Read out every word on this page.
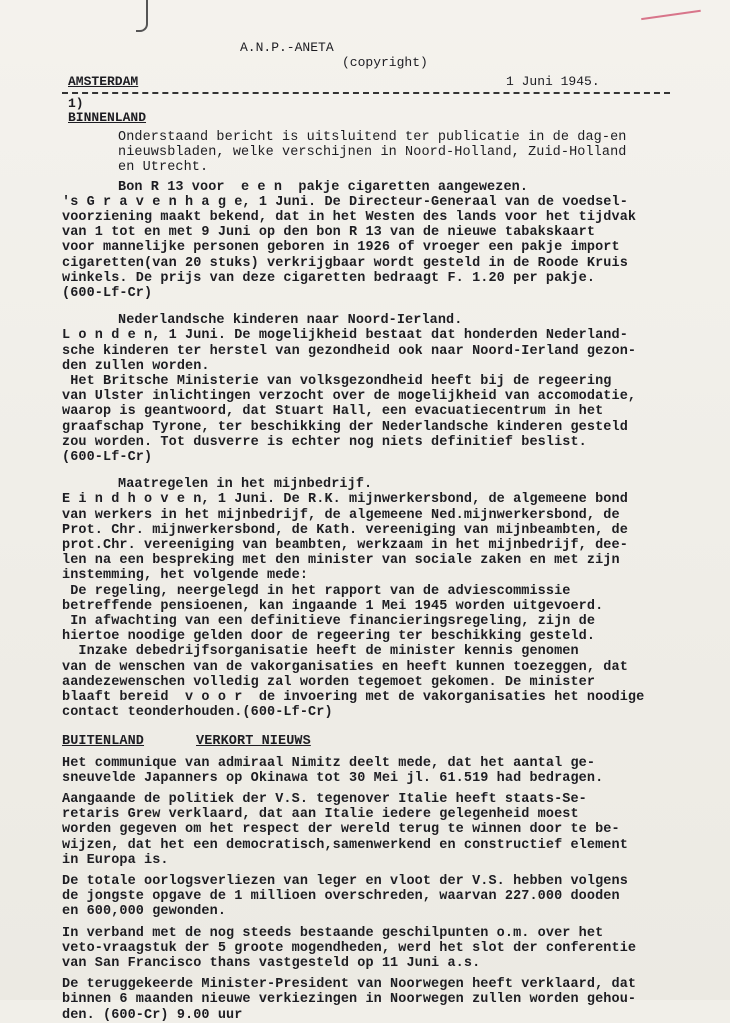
A.N.P.-ANETA
(copyright)
AMSTERDAM	1 Juni 1945.
1)
BINNENLAND
Onderstaand bericht is uitsluitend ter publicatie in de dag-en
nieuwsbladen, welke verschijnen in Noord-Holland, Zuid-Holland
en Utrecht.
Bon R 13 voor  e e n  pakje cigaretten aangewezen.
's G r a v e n h a g e, 1 Juni. De Directeur-Generaal van de voedsel-
voorziening maakt bekend, dat in het Westen des lands voor het tijdvak
van 1 tot en met 9 Juni op den bon R 13 van de nieuwe tabakskaart
voor mannelijke personen geboren in 1926 of vroeger een pakje import
cigaretten(van 20 stuks) verkrijgbaar wordt gesteld in de Roode Kruis
winkels. De prijs van deze cigaretten bedraagt F. 1.20 per pakje.
(600-Lf-Cr)
Nederlandsche kinderen naar Noord-Ierland.
L o n d e n, 1 Juni. De mogelijkheid bestaat dat honderden Nederland-
sche kinderen ter herstel van gezondheid ook naar Noord-Ierland gezon-
den zullen worden.
Het Britsche Ministerie van volksgezondheid heeft bij de regeering
van Ulster inlichtingen verzocht over de mogelijkheid van accomodatie,
waarop is geantwoord, dat Stuart Hall, een evacuatiecentrum in het
graafschap Tyrone, ter beschikking der Nederlandsche kinderen gesteld
zou worden. Tot dusverre is echter nog niets definitief beslist.
(600-Lf-Cr)
Maatregelen in het mijnbedrijf.
E i n d h o v e n, 1 Juni. De R.K. mijnwerkersbond, de algemeene bond
van werkers in het mijnbedrijf, de algemeene Ned.mijnwerkersbond, de
Prot. Chr. mijnwerkersbond, de Kath. vereeniging van mijnbeambten, de
prot.Chr. vereeniging van beambten, werkzaam in het mijnbedrijf, dee-
len na een bespreking met den minister van sociale zaken en met zijn
instemming, het volgende mede:
De regeling, neergelegd in het rapport van de adviescommissie
betreffende pensioenen, kan ingaande 1 Mei 1945 worden uitgevoerd.
In afwachting van een definitieve financieringsregeling, zijn de
hiertoe noodige gelden door de regeering ter beschikking gesteld.
Inzake debedrijfsorganisatie heeft de minister kennis genomen
van de wenschen van de vakorganisaties en heeft kunnen toezeggen, dat
aandezewenschen volledig zal worden tegemoet gekomen. De minister
blaaft bereid  v o o r  de invoering met de vakorganisaties het noodige
contact teonderhouden.(600-Lf-Cr)
BUITENLAND	VERKORT NIEUWS
Het communique van admiraal Nimitz deelt mede, dat het aantal ge-
sneuvelde Japanners op Okinawa tot 30 Mei jl. 61.519 had bedragen.
Aangaande de politiek der V.S. tegenover Italie heeft staats-Se-
retaris Grew verklaard, dat aan Italie iedere gelegenheid moest
worden gegeven om het respect der wereld terug te winnen door te be-
wijzen, dat het een democratisch,samenwerkend en constructief element
in Europa is.
De totale oorlogsverliezen van leger en vloot der V.S. hebben volgens
de jongste opgave de 1 millioen overschreden, waarvan 227.000 dooden
en 600,000 gewonden.
In verband met de nog steeds bestaande geschilpunten o.m. over het
veto-vraagstuk der 5 groote mogendheden, werd het slot der conferentie
van San Francisco thans vastgesteld op 11 Juni a.s.
De teruggekeerde Minister-President van Noorwegen heeft verklaard, dat
binnen 6 maanden nieuwe verkiezingen in Noorwegen zullen worden gehou-
den. (600-Cr) 9.00 uur
